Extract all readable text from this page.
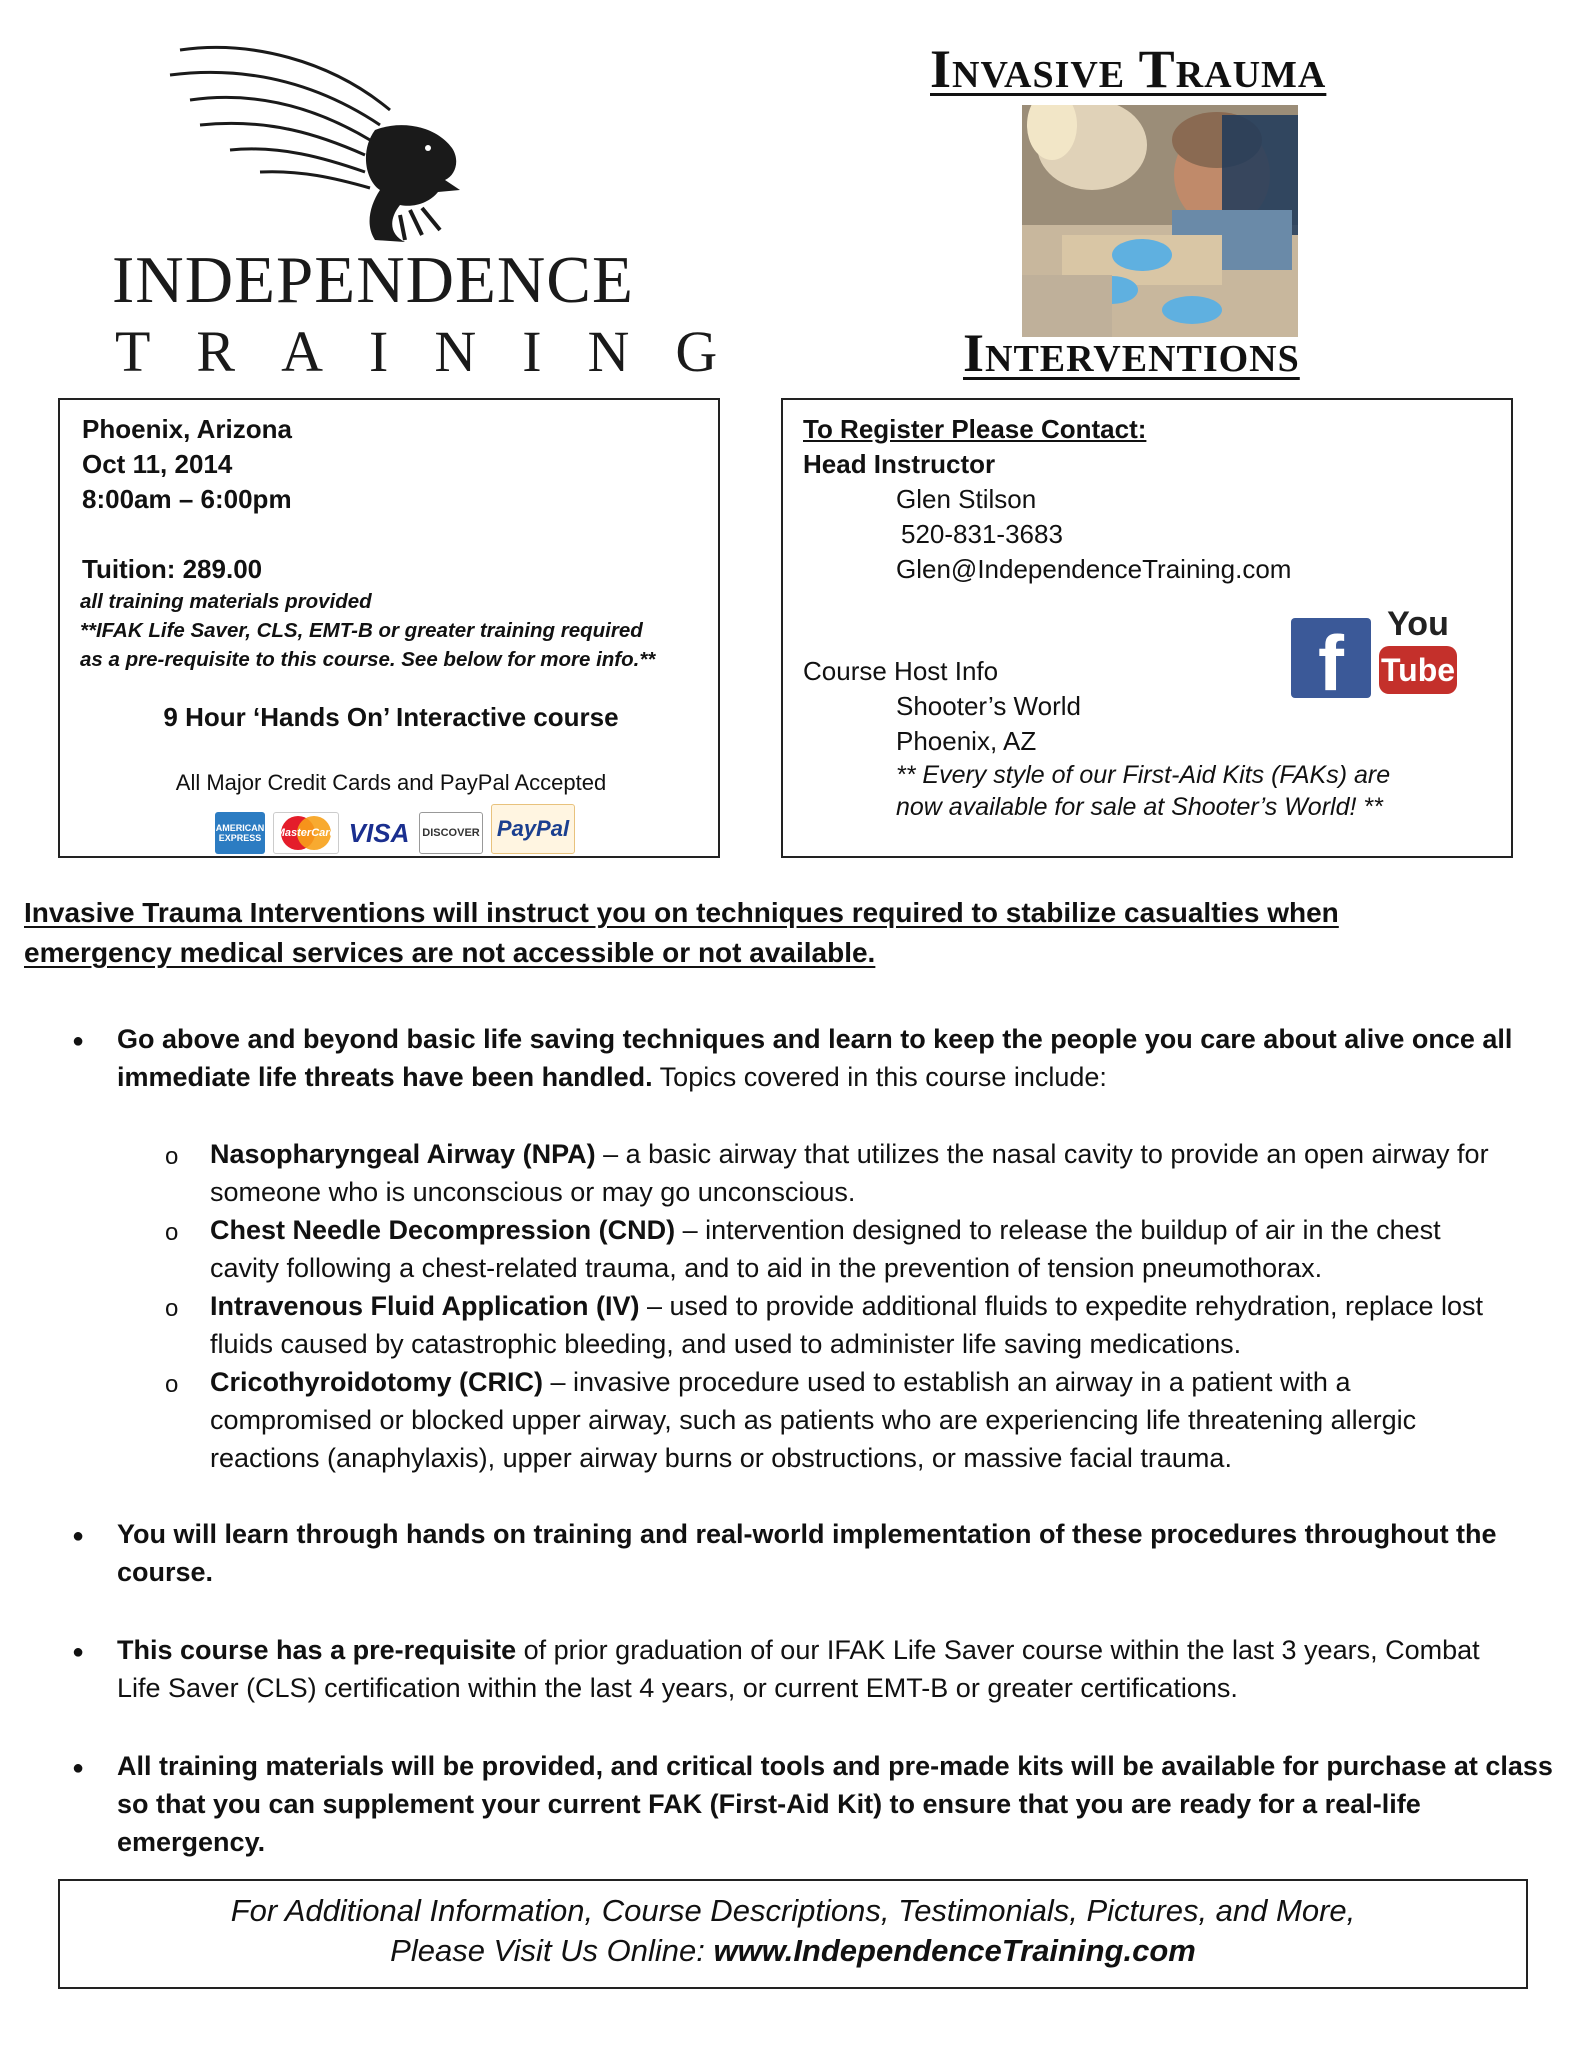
INDEPENDENCE
TRAINING
Invasive Trauma
Interventions
Phoenix, Arizona
Oct 11, 2014
8:00am – 6:00pm
Tuition: 289.00
all training materials provided
**IFAK Life Saver, CLS, EMT-B or greater training required
as a pre-requisite to this course. See below for more info.**
9 Hour ‘Hands On’ Interactive course
All Major Credit Cards and PayPal Accepted
AMERICAN EXPRESS	MasterCard VISA DISCOVER PayPal
To Register Please Contact:
Head Instructor
Glen Stilson
520-831-3683
Glen@IndependenceTraining.com
f	You
Tube
Course Host Info
Shooter’s World
Phoenix, AZ
** Every style of our First-Aid Kits (FAKs) are
now available for sale at Shooter’s World! **
Invasive Trauma Interventions will instruct you on techniques required to stabilize casualties when
emergency medical services are not accessible or not available.
● Go above and beyond basic life saving techniques and learn to keep the people you care about alive once all
immediate life threats have been handled. Topics covered in this course include:
o Nasopharyngeal Airway (NPA) – a basic airway that utilizes the nasal cavity to provide an open airway for
someone who is unconscious or may go unconscious.
o Chest Needle Decompression (CND) – intervention designed to release the buildup of air in the chest
cavity following a chest-related trauma, and to aid in the prevention of tension pneumothorax.
o Intravenous Fluid Application (IV) – used to provide additional fluids to expedite rehydration, replace lost
fluids caused by catastrophic bleeding, and used to administer life saving medications.
o Cricothyroidotomy (CRIC) – invasive procedure used to establish an airway in a patient with a
compromised or blocked upper airway, such as patients who are experiencing life threatening allergic
reactions (anaphylaxis), upper airway burns or obstructions, or massive facial trauma.
● You will learn through hands on training and real-world implementation of these procedures throughout the
course.
● This course has a pre-requisite of prior graduation of our IFAK Life Saver course within the last 3 years, Combat
Life Saver (CLS) certification within the last 4 years, or current EMT-B or greater certifications.
● All training materials will be provided, and critical tools and pre-made kits will be available for purchase at class
so that you can supplement your current FAK (First-Aid Kit) to ensure that you are ready for a real-life
emergency.
For Additional Information, Course Descriptions, Testimonials, Pictures, and More,
Please Visit Us Online: www.IndependenceTraining.com
